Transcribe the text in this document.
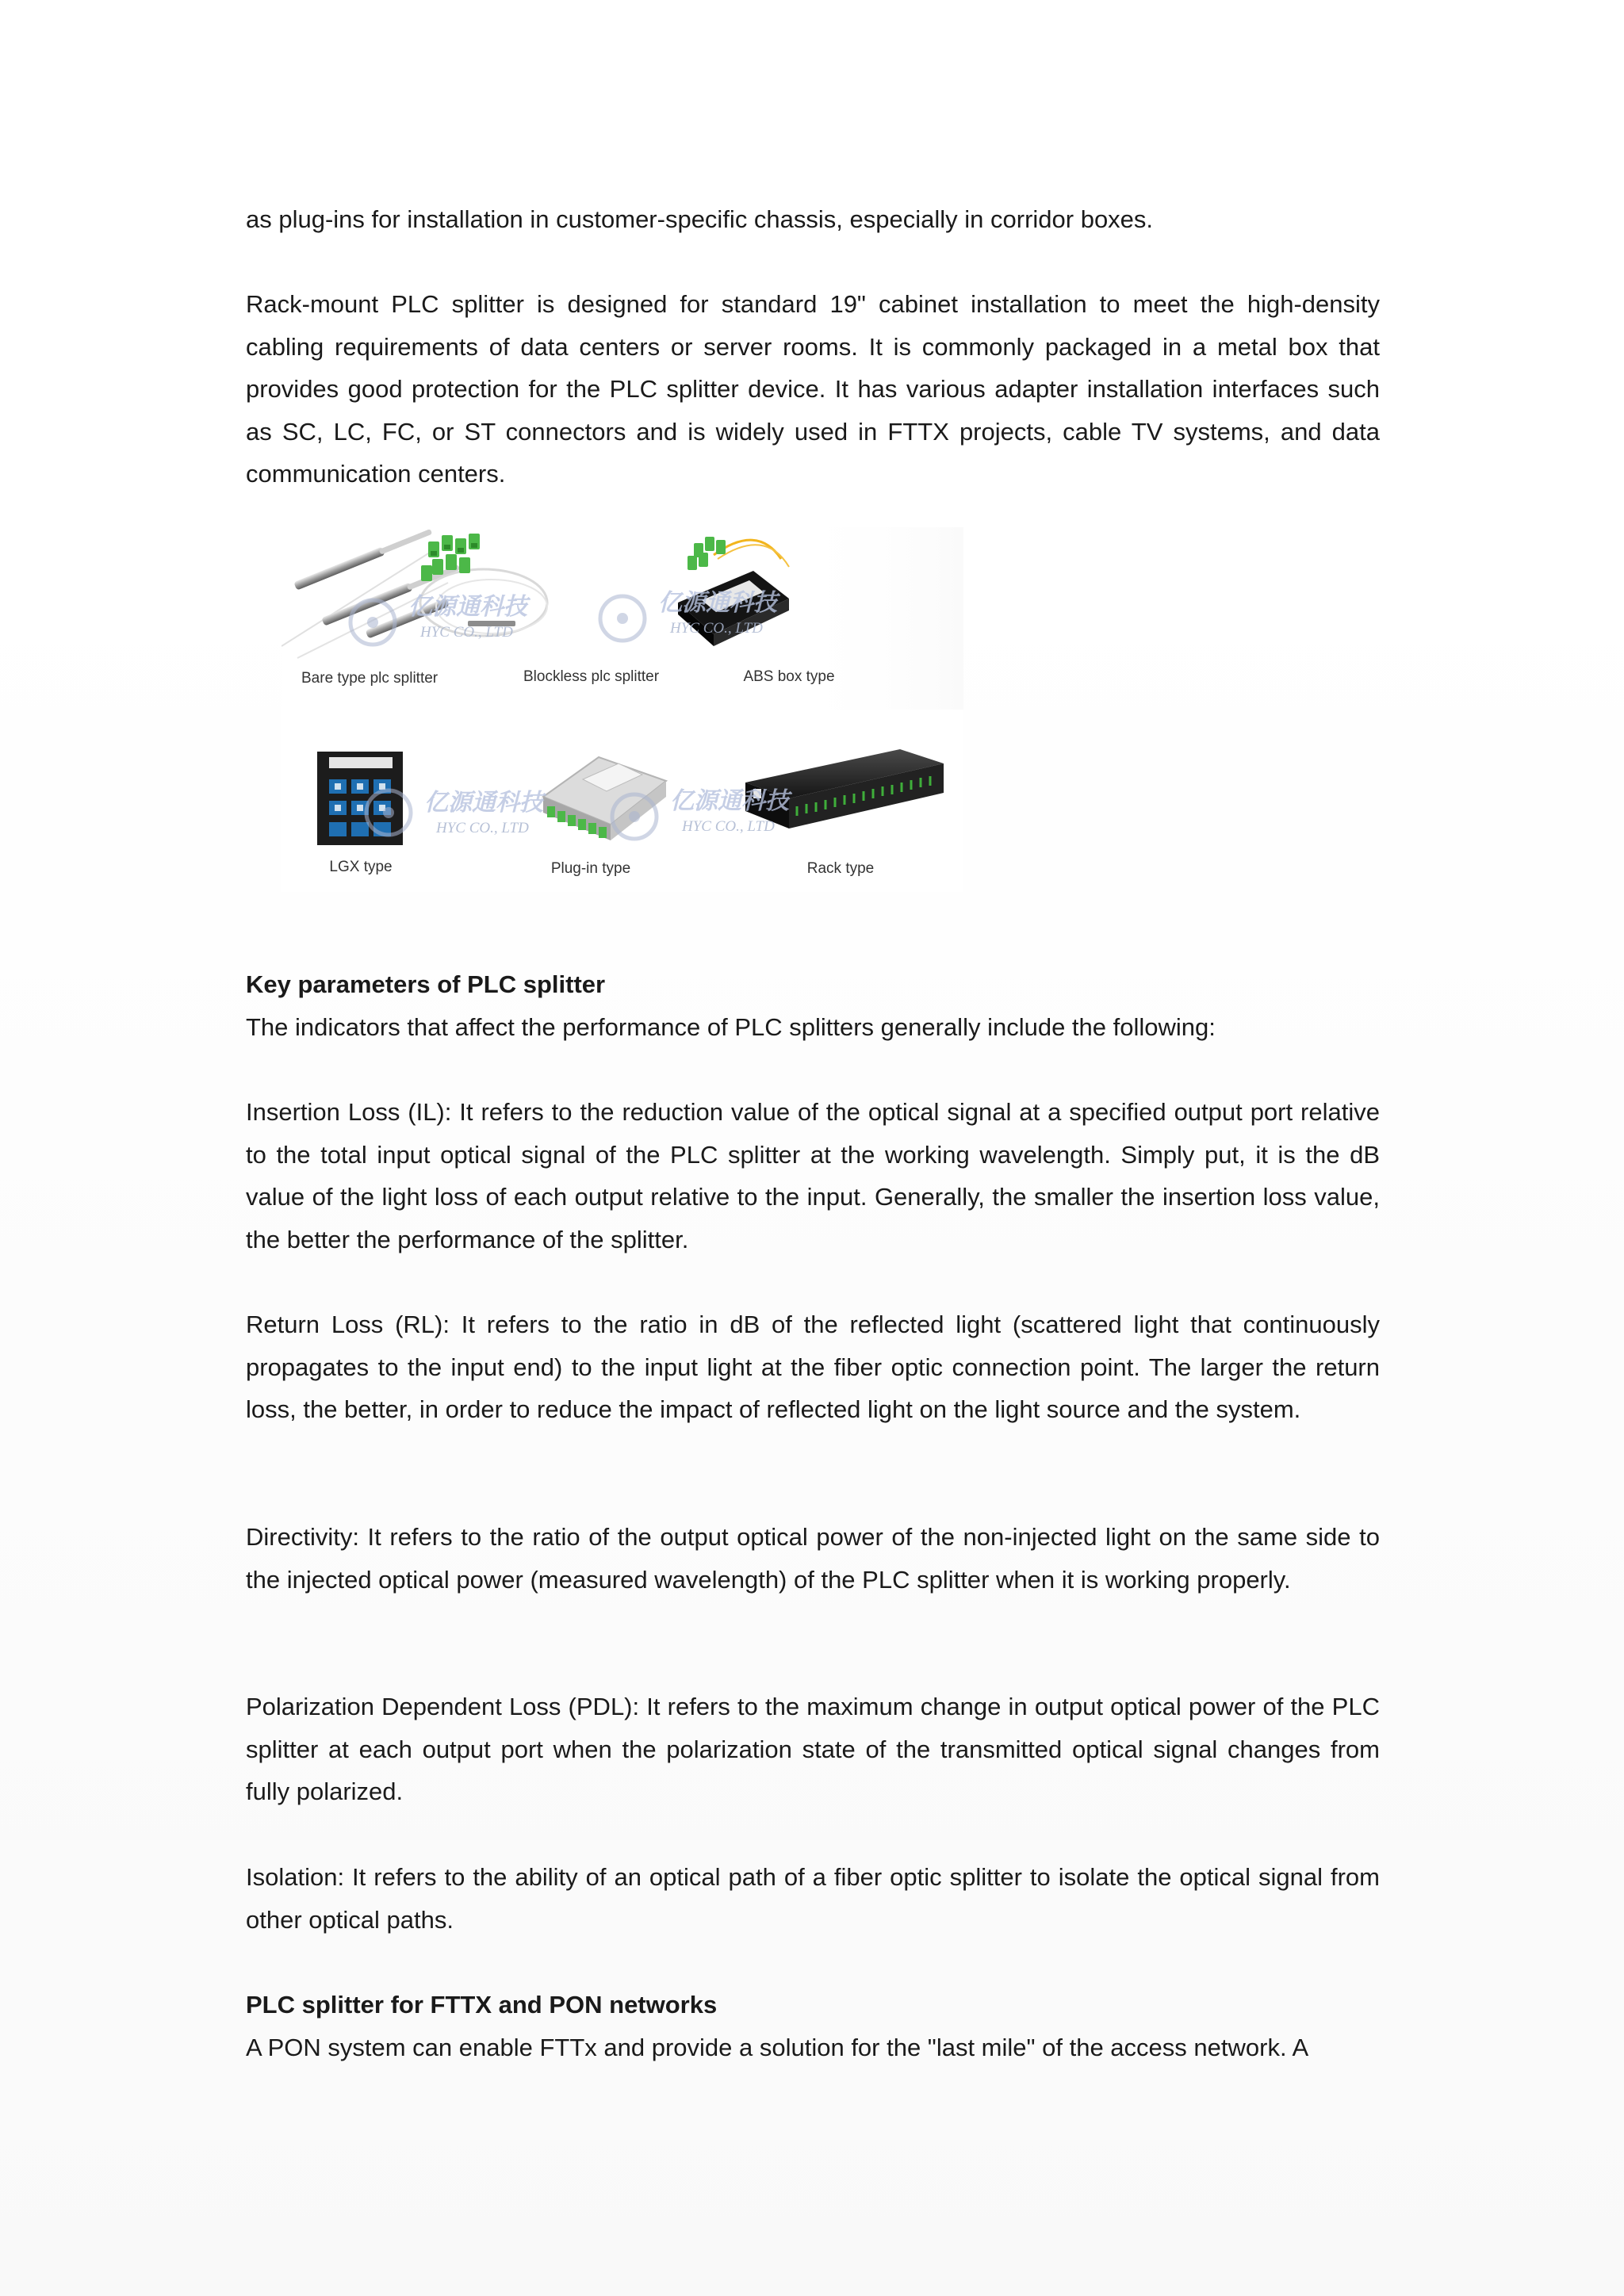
as plug-ins for installation in customer-specific chassis, especially in corridor boxes.

Rack-mount PLC splitter is designed for standard 19" cabinet installation to meet the high-density cabling requirements of data centers or server rooms. It is commonly packaged in a metal box that provides good protection for the PLC splitter device. It has various adapter installation interfaces such as SC, LC, FC, or ST connectors and is widely used in FTTX projects, cable TV systems, and data communication centers.

亿源通科技
HYC CO., LTD
亿源通科技
HYC CO., LTD
亿源通科技
HYC CO., LTD
亿源通科技
HYC CO., LTD
Bare type plc splitter	Blockless plc splitter	ABS box type
LGX type	Plug-in type	Rack type

Key parameters of PLC splitter

The indicators that affect the performance of PLC splitters generally include the following:

Insertion Loss (IL): It refers to the reduction value of the optical signal at a specified output port relative to the total input optical signal of the PLC splitter at the working wavelength. Simply put, it is the dB value of the light loss of each output relative to the input. Generally, the smaller the insertion loss value, the better the performance of the splitter.

Return Loss (RL): It refers to the ratio in dB of the reflected light (scattered light that continuously propagates to the input end) to the input light at the fiber optic connection point. The larger the return loss, the better, in order to reduce the impact of reflected light on the light source and the system.

Directivity: It refers to the ratio of the output optical power of the non-injected light on the same side to the injected optical power (measured wavelength) of the PLC splitter when it is working properly.

Polarization Dependent Loss (PDL): It refers to the maximum change in output optical power of the PLC splitter at each output port when the polarization state of the transmitted optical signal changes from fully polarized.

Isolation: It refers to the ability of an optical path of a fiber optic splitter to isolate the optical signal from other optical paths.

PLC splitter for FTTX and PON networks

A PON system can enable FTTx and provide a solution for the "last mile" of the access network. A
